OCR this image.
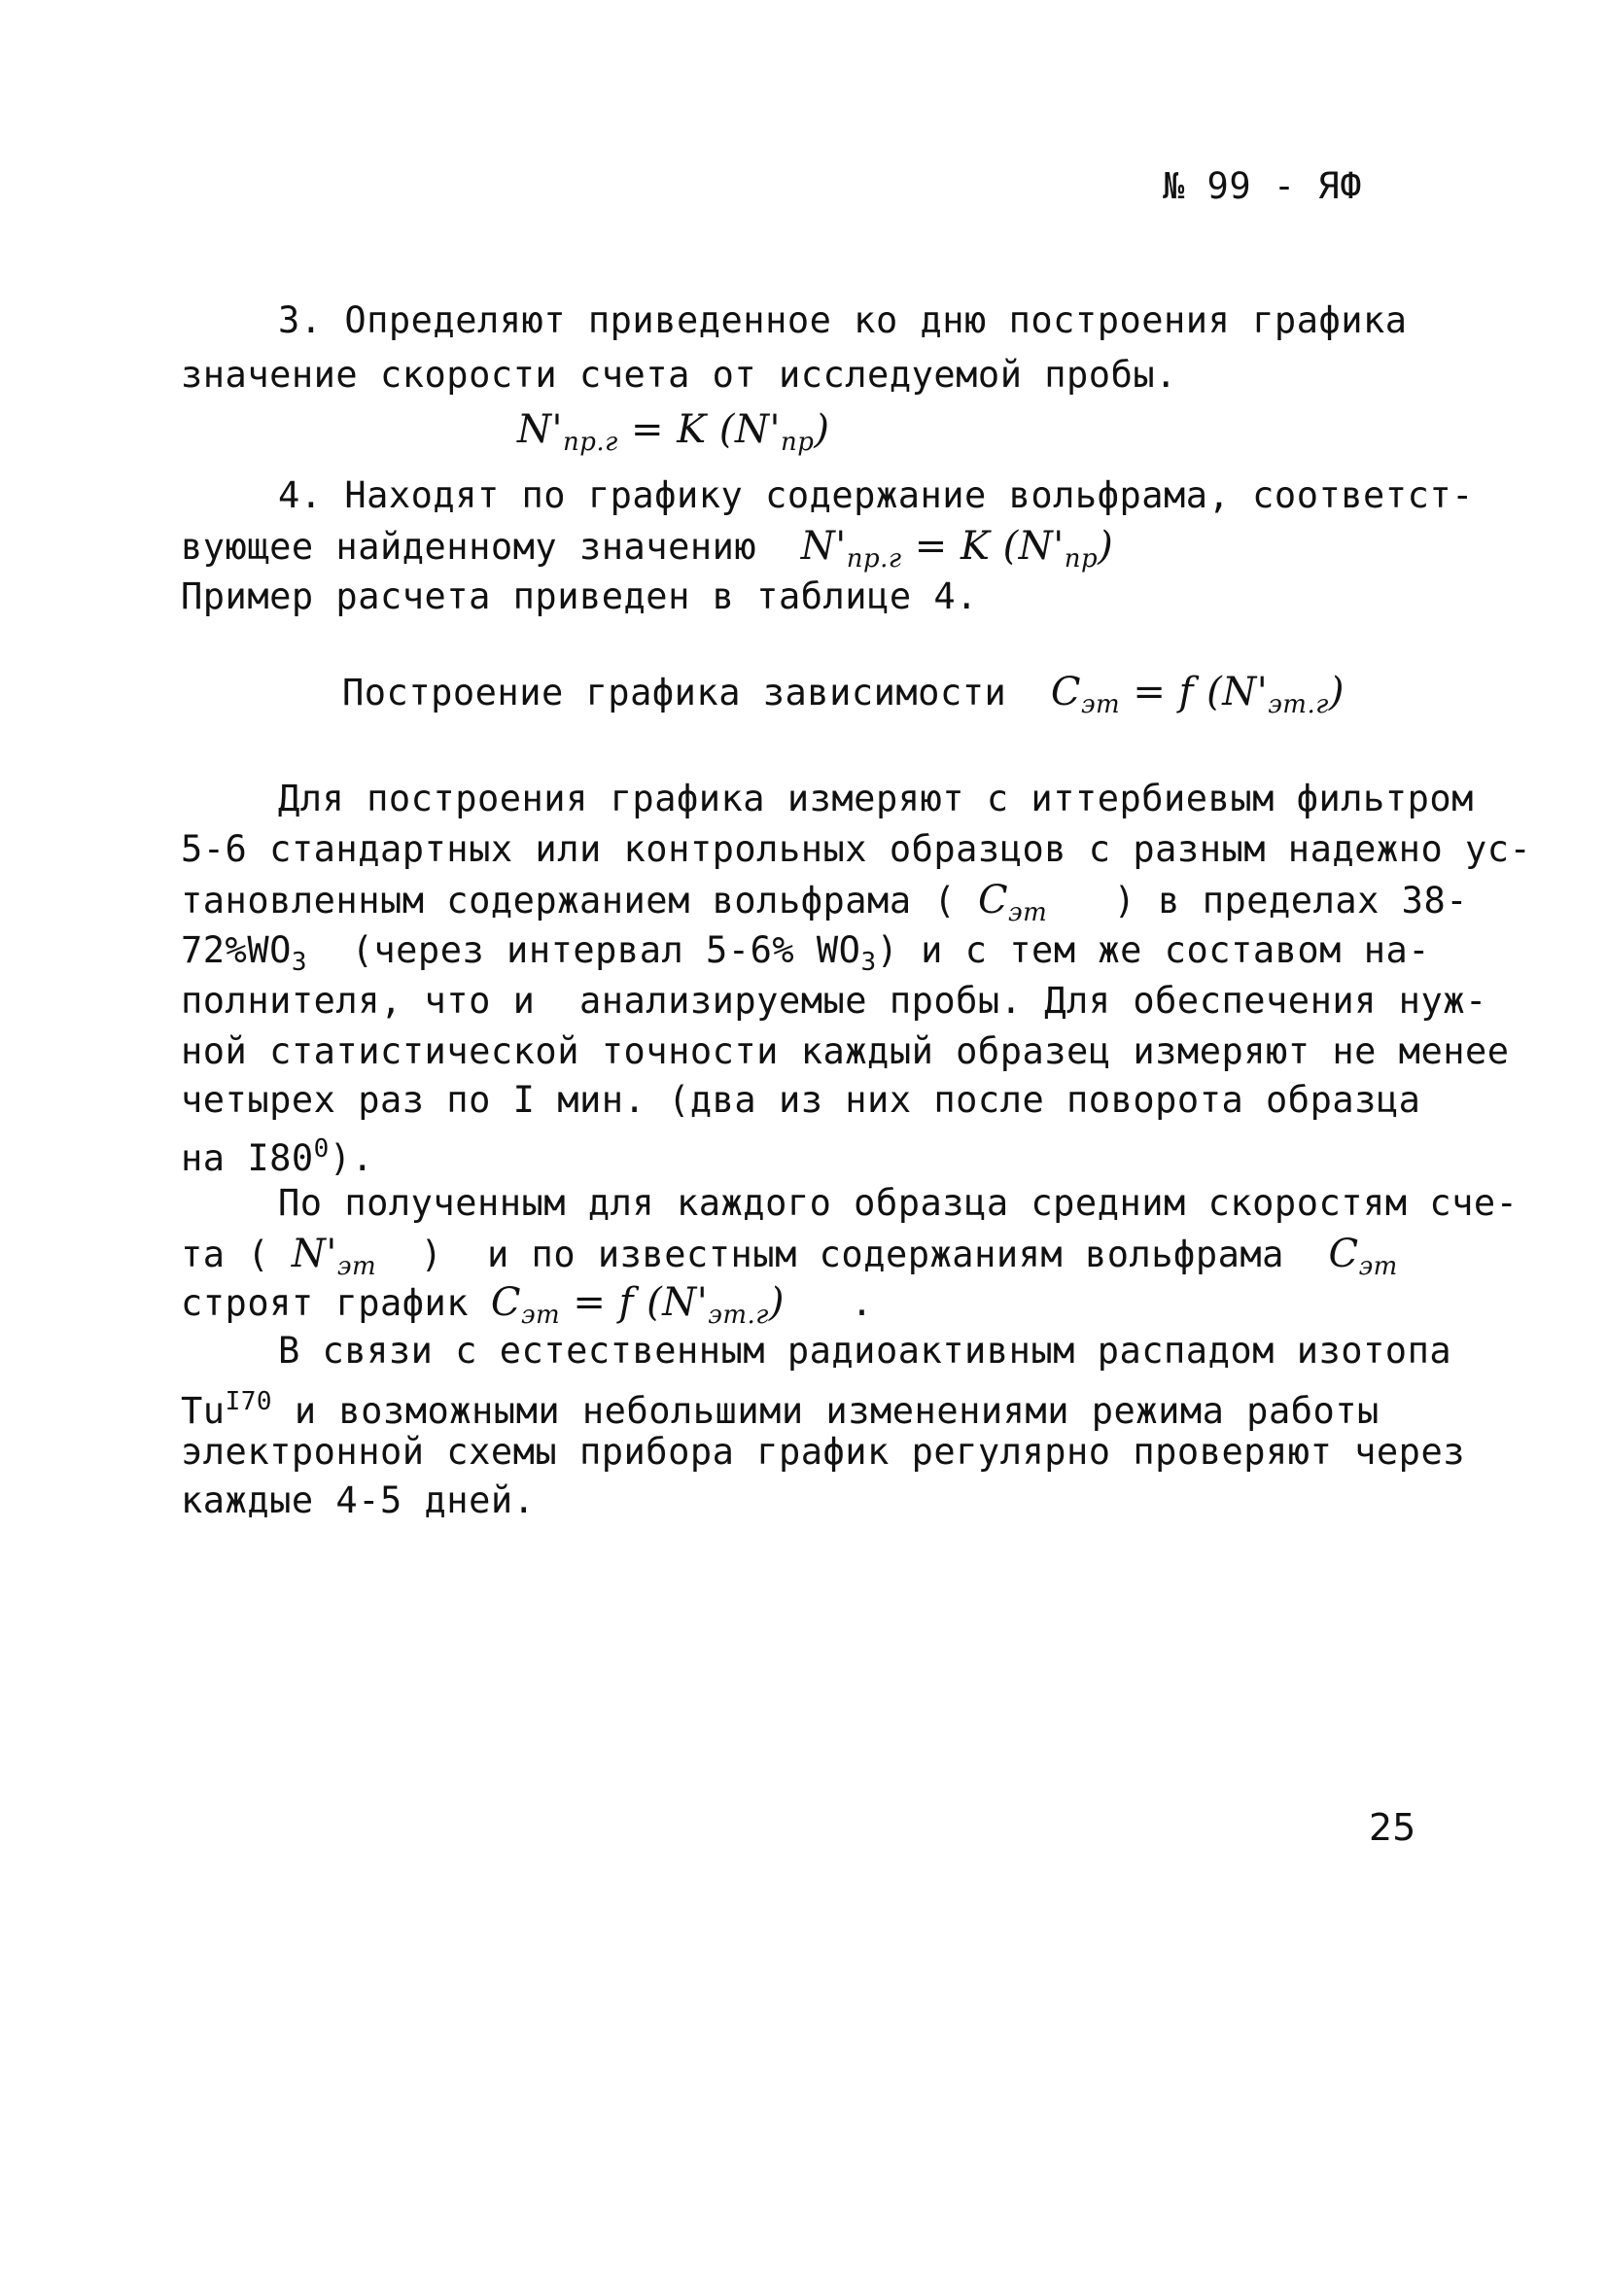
№ 99 - ЯФ
3. Определяют приведенное ко дню построения графика
значение скорости счета от исследуемой пробы.
$N'_{пр.г} = K$ $(N'_{пр})$
4. Находят по графику содержание вольфрама, соответст-
вующее найденному значению $N'_{пр.г} = K$ $(N'_{пр})$
Пример расчета приведен в таблице 4.
Построение графика зависимости $C_{эт} = f$ $(N'_{эт.г})$
Для построения графика измеряют с иттербиевым фильтром
5-6 стандартных или контрольных образцов с разным надежно ус-
тановленным содержанием вольфрама ( $C_{эт}$ ) в пределах 38-
$72\%WO_3$ (через интервал 5-6% $WO_3$) и с тем же составом на-
полнителя, что и  анализируемые пробы. Для обеспечения нуж-
ной статистической точности каждый образец измеряют не менее
четырех раз по I мин. (два из них после поворота образца
на $I80^0$).
По полученным для каждого образца средним скоростям сче-
та ( $N'_{эт}$ )  и по известным содержаниям вольфрама $C_{эт}$
строят график $C_{эт} = f$ $(N'_{эт.г})$ .
В связи с естественным радиоактивным распадом изотопа
$Tu^{I70}$ и возможными небольшими изменениями режима работы
электронной схемы прибора график регулярно проверяют через
каждые 4-5 дней.
25
